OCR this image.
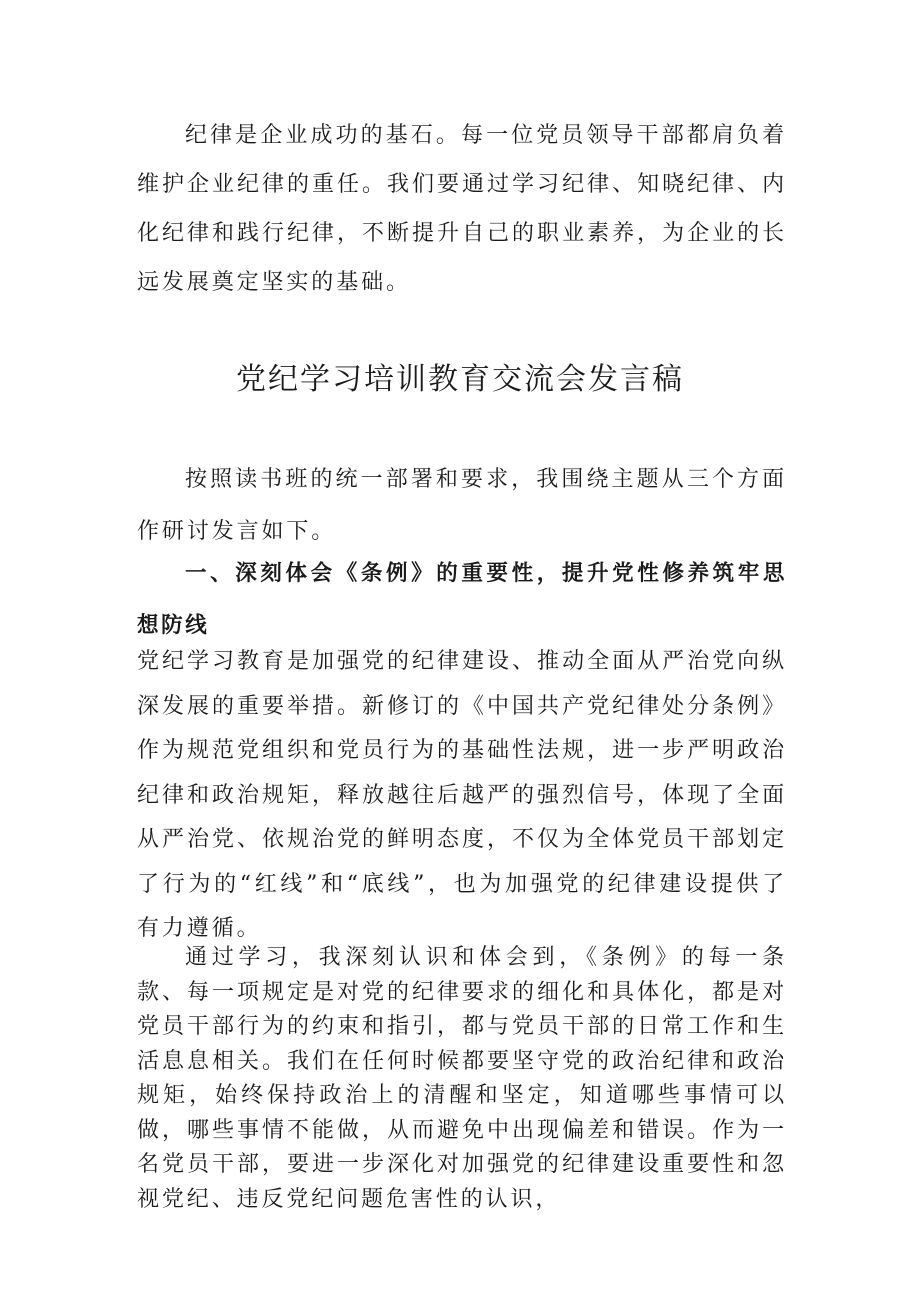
纪律是企业成功的基石。每一位党员领导干部都肩负着维护企业纪律的重任。我们要通过学习纪律、知晓纪律、内化纪律和践行纪律，不断提升自己的职业素养，为企业的长远发展奠定坚实的基础。

党纪学习培训教育交流会发言稿

按照读书班的统一部署和要求，我围绕主题从三个方面作研讨发言如下。

一、深刻体会《条例》的重要性，提升党性修养筑牢思想防线

党纪学习教育是加强党的纪律建设、推动全面从严治党向纵深发展的重要举措。新修订的《中国共产党纪律处分条例》作为规范党组织和党员行为的基础性法规，进一步严明政治纪律和政治规矩，释放越往后越严的强烈信号，体现了全面从严治党、依规治党的鲜明态度，不仅为全体党员干部划定了行为的“红线”和“底线”，也为加强党的纪律建设提供了有力遵循。

通过学习，我深刻认识和体会到，《条例》的每一条款、每一项规定是对党的纪律要求的细化和具体化，都是对党员干部行为的约束和指引，都与党员干部的日常工作和生活息息相关。我们在任何时候都要坚守党的政治纪律和政治规矩，始终保持政治上的清醒和坚定，知道哪些事情可以做，哪些事情不能做，从而避免中出现偏差和错误。作为一名党员干部，要进一步深化对加强党的纪律建设重要性和忽视党纪、违反党纪问题危害性的认识，
